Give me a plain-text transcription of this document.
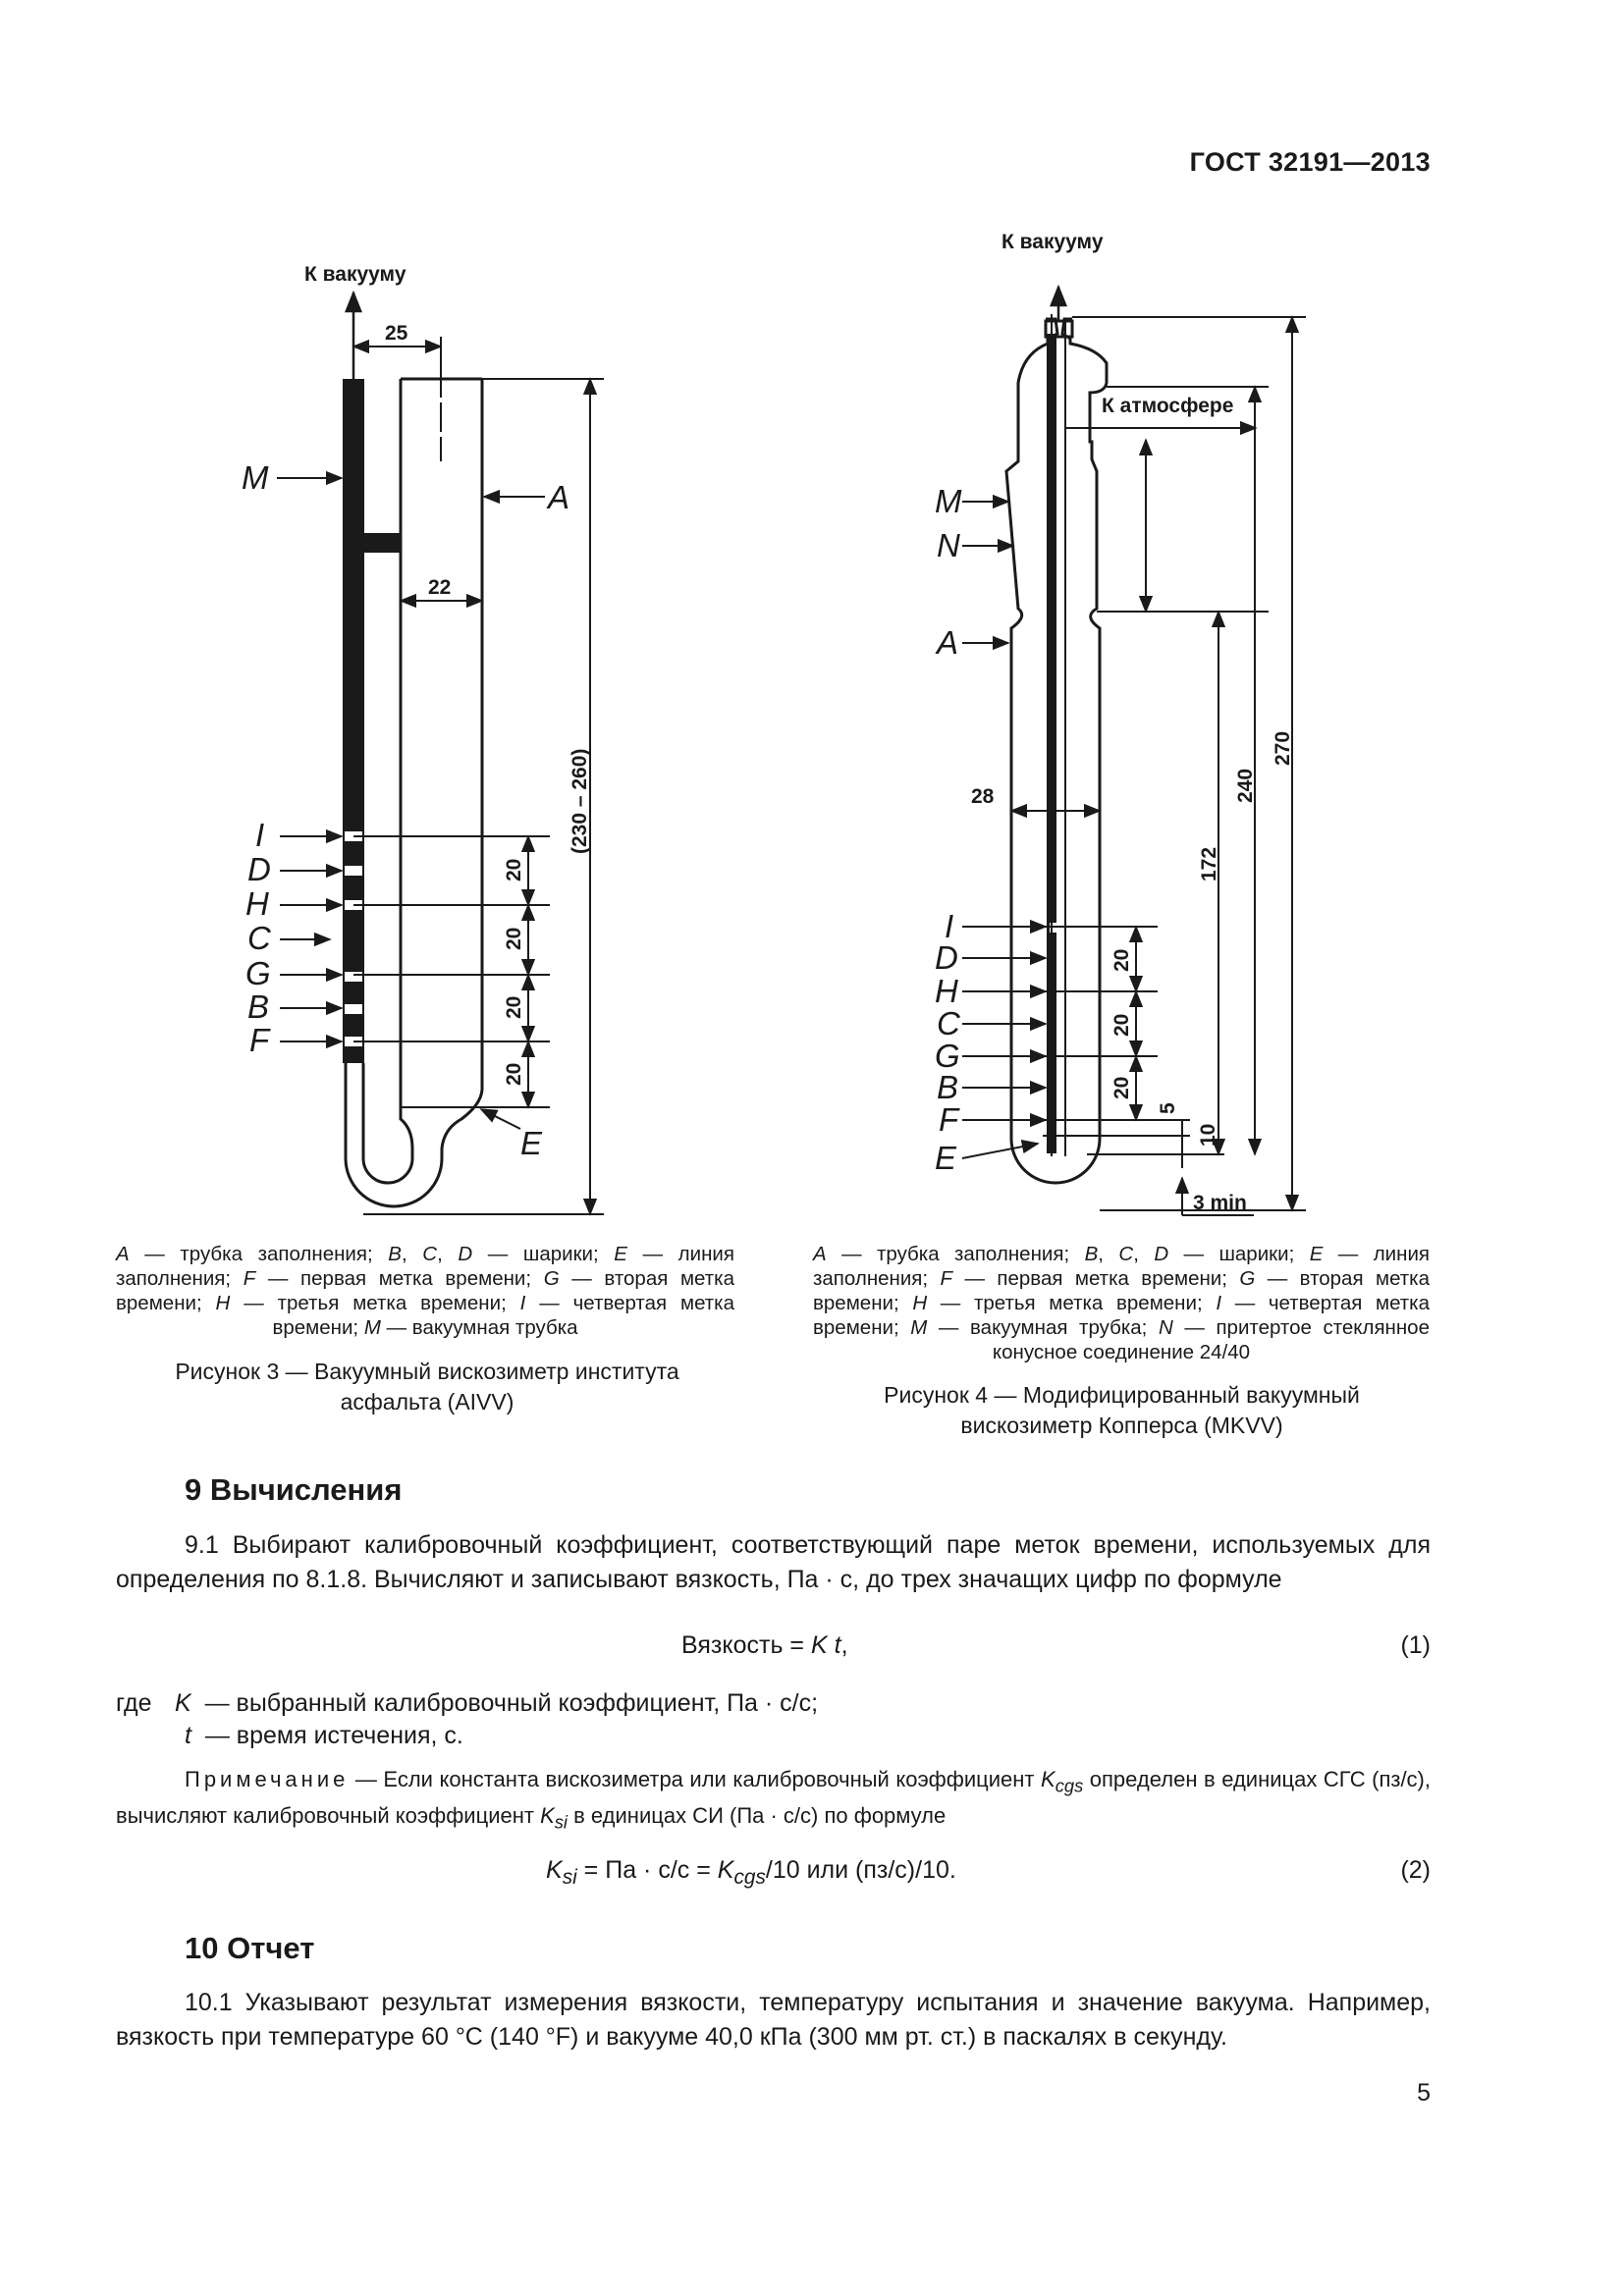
ГОСТ 32191—2013
К вакууму
25
22
(230 – 260)
20
20
20
20
M
A
I
D
H
C
G
B
F
E
К вакууму
К атмосфере
270
240
172
28
20
20
20
5
10
3 min
M
N
A
I
D
H
C
G
B
F
E
A — трубка заполнения; B, C, D — шарики; E — линия заполнения; F — первая метка времени; G — вторая метка времени; H — третья метка времени; I — четвертая метка времени; M — вакуумная трубка
Рисунок 3 — Вакуумный вискозиметр института асфальта (AIVV)
A — трубка заполнения; B, C, D — шарики; E — линия заполнения; F — первая метка времени; G — вторая метка времени; H — третья метка времени; I — четвертая метка времени; M — вакуумная трубка; N — притертое стеклянное конусное соединение 24/40
Рисунок 4 — Модифицированный вакуумный вискозиметр Копперса (MKVV)
9 Вычисления
9.1 Выбирают калибровочный коэффициент, соответствующий паре меток времени, используемых для определения по 8.1.8. Вычисляют и записывают вязкость, Па · с, до трех значащих цифр по формуле
Вязкость = K t,	(1)
где K — выбранный калибровочный коэффициент, Па · с/с;
t — время истечения, с.
Примечание — Если константа вискозиметра или калибровочный коэффициент $K_{cgs}$ определен в единицах СГС (пз/с), вычисляют калибровочный коэффициент $K_{si}$ в единицах СИ (Па · с/с) по формуле
$K_{si}$ = Па · $с/с = K_{cgs}/10$ или (пз/с)/10.	(2)
10 Отчет
10.1 Указывают результат измерения вязкости, температуру испытания и значение вакуума. Например, вязкость при температуре 60 °C (140 °F) и вакууме 40,0 кПа (300 мм рт. ст.) в паскалях в секунду.
5
